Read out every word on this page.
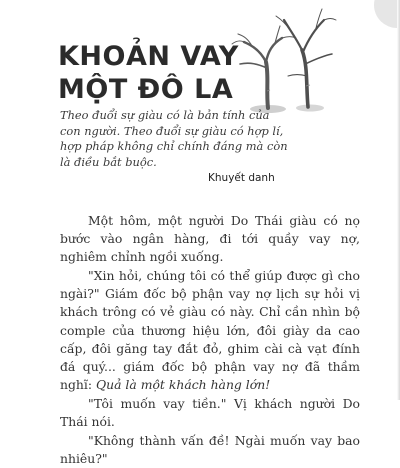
KHOẢN VAY
MỘT ĐÔ LA
Theo đuổi sự giàu có là bản tính của con người. Theo đuổi sự giàu có hợp lí, hợp pháp không chỉ chính đáng mà còn là điều bắt buộc.
Khuyết danh

Một hôm, một người Do Thái giàu có nọ bước vào ngân hàng, đi tới quầy vay nợ, nghiêm chỉnh ngồi xuống.

"Xin hỏi, chúng tôi có thể giúp được gì cho ngài?" Giám đốc bộ phận vay nợ lịch sự hỏi vị khách trông có vẻ giàu có này. Chỉ cần nhìn bộ comple của thương hiệu lớn, đôi giày da cao cấp, đôi găng tay đắt đỏ, ghim cài cà vạt đính đá quý... giám đốc bộ phận vay nợ đã thầm nghĩ: Quả là một khách hàng lớn!

"Tôi muốn vay tiền." Vị khách người Do Thái nói.

"Không thành vấn đề! Ngài muốn vay bao nhiêu?"
